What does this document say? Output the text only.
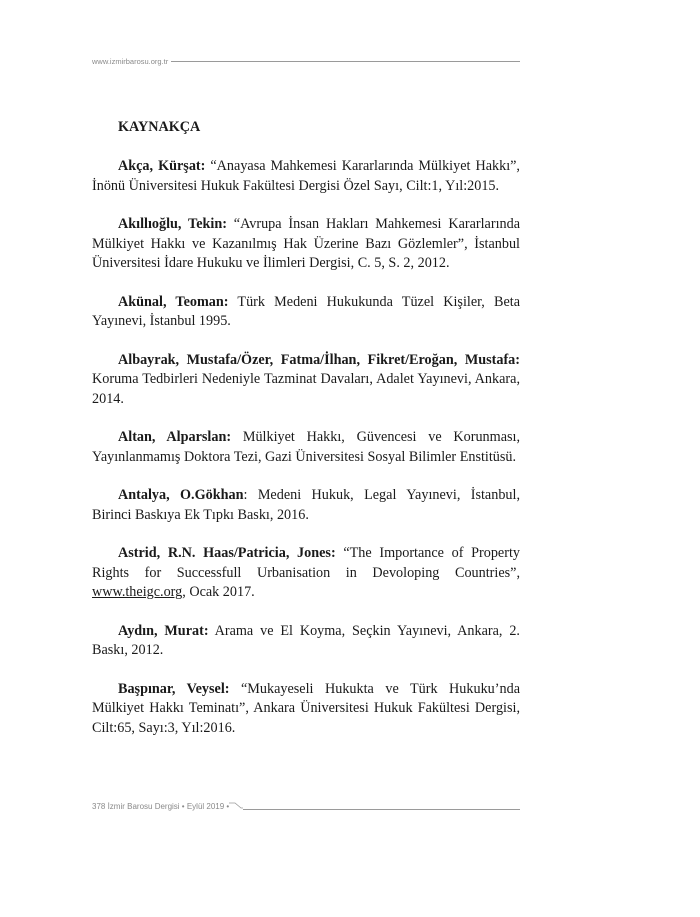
www.izmirbarosu.org.tr

KAYNAKÇA

Akça, Kürşat: “Anayasa Mahkemesi Kararlarında Mülkiyet Hakkı”, İnönü Üniversitesi Hukuk Fakültesi Dergisi Özel Sayı, Cilt:1, Yıl:2015.

Akıllıoğlu, Tekin: “Avrupa İnsan Hakları Mahkemesi Kararlarında Mülkiyet Hakkı ve Kazanılmış Hak Üzerine Bazı Gözlemler”, İstanbul Üniversitesi İdare Hukuku ve İlimleri Dergisi, C. 5, S. 2, 2012.

Akünal, Teoman: Türk Medeni Hukukunda Tüzel Kişiler, Beta Yayınevi, İstanbul 1995.

Albayrak, Mustafa/Özer, Fatma/İlhan, Fikret/Eroğan, Mustafa: Koruma Tedbirleri Nedeniyle Tazminat Davaları, Adalet Yayınevi, Ankara, 2014.

Altan, Alparslan: Mülkiyet Hakkı, Güvencesi ve Korunması, Yayınlanmamış Doktora Tezi, Gazi Üniversitesi Sosyal Bilimler Enstitüsü.

Antalya, O.Gökhan: Medeni Hukuk, Legal Yayınevi, İstanbul, Birinci Baskıya Ek Tıpkı Baskı, 2016.

Astrid, R.N. Haas/Patricia, Jones: “The Importance of Property Rights for Successfull Urbanisation in Devoloping Countries”, www.theigc.org, Ocak 2017.

Aydın, Murat: Arama ve El Koyma, Seçkin Yayınevi, Ankara, 2. Baskı, 2012.

Başpınar, Veysel: “Mukayeseli Hukukta ve Türk Hukuku’nda Mülkiyet Hakkı Teminatı”, Ankara Üniversitesi Hukuk Fakültesi Dergisi, Cilt:65, Sayı:3, Yıl:2016.

378 İzmir Barosu Dergisi • Eylül 2019 •
